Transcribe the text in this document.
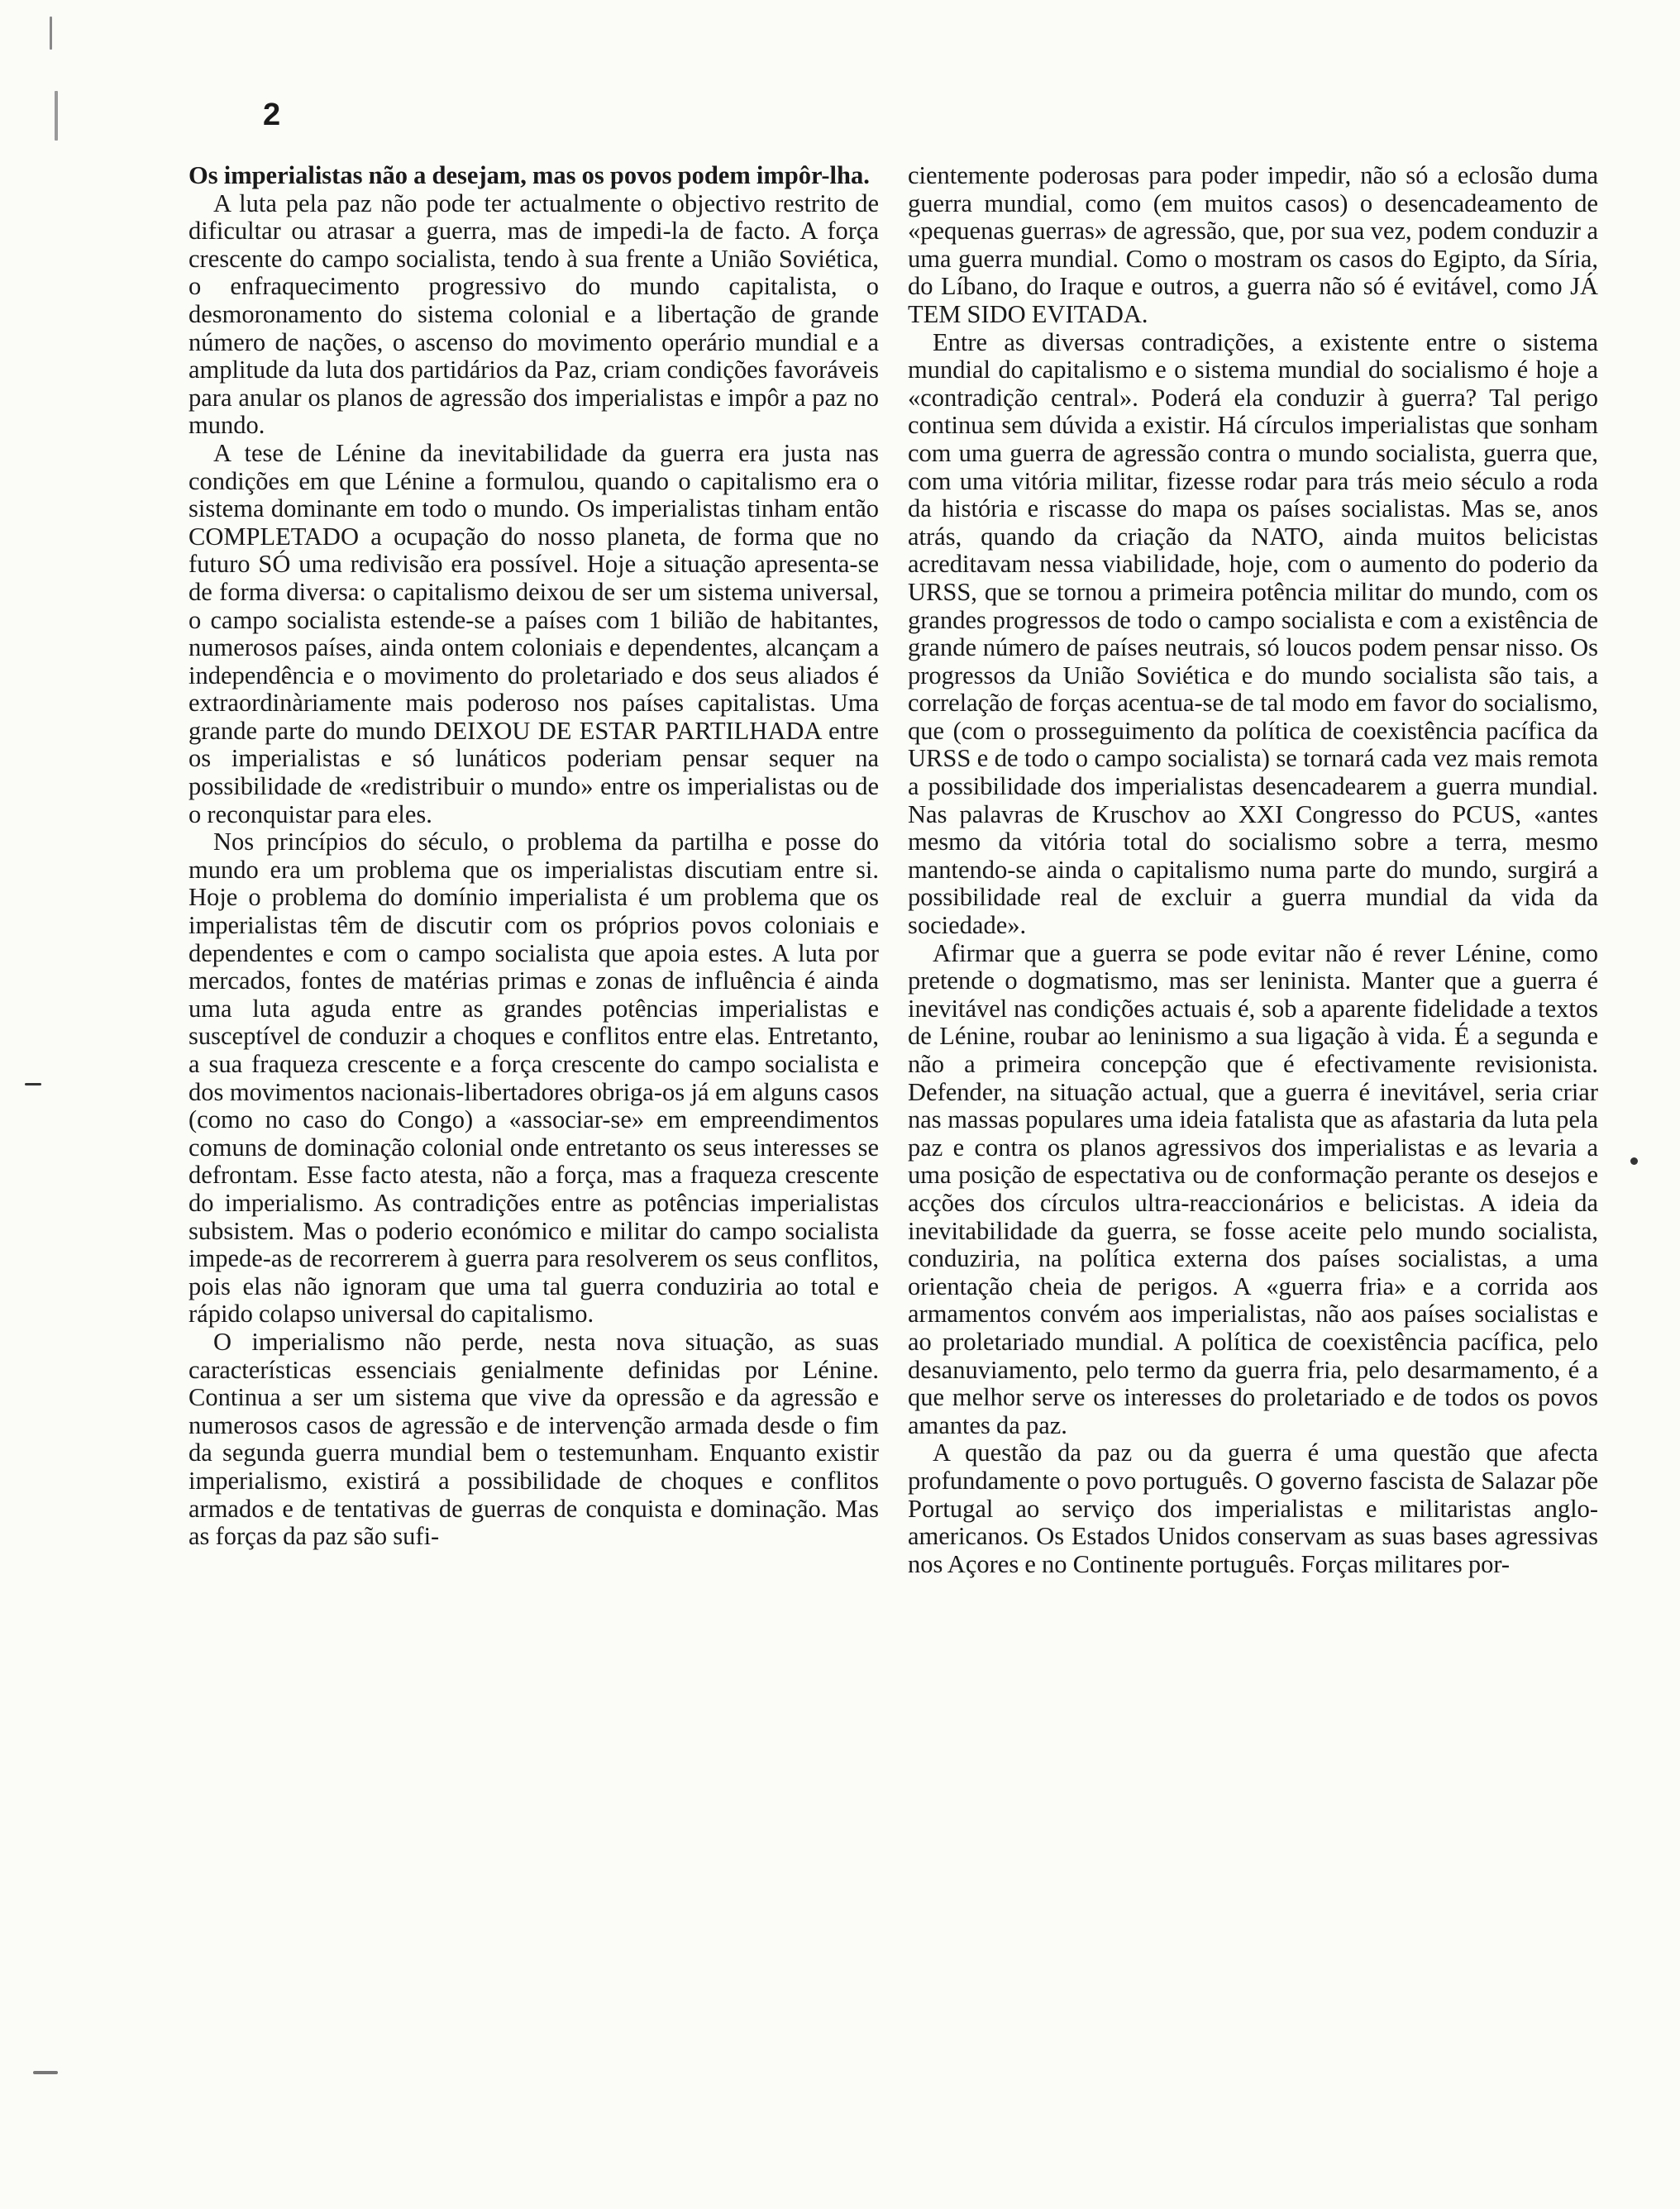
2

Os imperialistas não a desejam, mas os povos podem impôr-lha.

A luta pela paz não pode ter actualmente o objectivo restrito de dificultar ou atrasar a guerra, mas de impedi-la de facto. A força crescente do campo socialista, tendo à sua frente a União Soviética, o enfraquecimento progressivo do mundo capitalista, o desmoronamento do sistema colonial e a libertação de grande número de nações, o ascenso do movimento operário mundial e a amplitude da luta dos partidários da Paz, criam condições favoráveis para anular os planos de agressão dos imperialistas e impôr a paz no mundo.

A tese de Lénine da inevitabilidade da guerra era justa nas condições em que Lénine a formulou, quando o capitalismo era o sistema dominante em todo o mundo. Os imperialistas tinham então COMPLETADO a ocupação do nosso planeta, de forma que no futuro SÓ uma redivisão era possível. Hoje a situação apresenta-se de forma diversa: o capitalismo deixou de ser um sistema universal, o campo socialista estende-se a países com 1 bilião de habitantes, numerosos países, ainda ontem coloniais e dependentes, alcançam a independência e o movimento do proletariado e dos seus aliados é extraordinàriamente mais poderoso nos países capitalistas. Uma grande parte do mundo DEIXOU DE ESTAR PARTILHADA entre os imperialistas e só lunáticos poderiam pensar sequer na possibilidade de «redistribuir o mundo» entre os imperialistas ou de o reconquistar para eles.

Nos princípios do século, o problema da partilha e posse do mundo era um problema que os imperialistas discutiam entre si. Hoje o problema do domínio imperialista é um problema que os imperialistas têm de discutir com os próprios povos coloniais e dependentes e com o campo socialista que apoia estes. A luta por mercados, fontes de matérias primas e zonas de influência é ainda uma luta aguda entre as grandes potências imperialistas e susceptível de conduzir a choques e conflitos entre elas. Entretanto, a sua fraqueza crescente e a força crescente do campo socialista e dos movimentos nacionais-libertadores obriga-os já em alguns casos (como no caso do Congo) a «associar-se» em empreendimentos comuns de dominação colonial onde entretanto os seus interesses se defrontam. Esse facto atesta, não a força, mas a fraqueza crescente do imperialismo. As contradições entre as potências imperialistas subsistem. Mas o poderio económico e militar do campo socialista impede-as de recorrerem à guerra para resolverem os seus conflitos, pois elas não ignoram que uma tal guerra conduziria ao total e rápido colapso universal do capitalismo.

O imperialismo não perde, nesta nova situação, as suas características essenciais genialmente definidas por Lénine. Continua a ser um sistema que vive da opressão e da agressão e numerosos casos de agressão e de intervenção armada desde o fim da segunda guerra mundial bem o testemunham. Enquanto existir imperialismo, existirá a possibilidade de choques e conflitos armados e de tentativas de guerras de conquista e dominação. Mas as forças da paz são sufi-

cientemente poderosas para poder impedir, não só a eclosão duma guerra mundial, como (em muitos casos) o desencadeamento de «pequenas guerras» de agressão, que, por sua vez, podem conduzir a uma guerra mundial. Como o mostram os casos do Egipto, da Síria, do Líbano, do Iraque e outros, a guerra não só é evitável, como JÁ TEM SIDO EVITADA.

Entre as diversas contradições, a existente entre o sistema mundial do capitalismo e o sistema mundial do socialismo é hoje a «contradição central». Poderá ela conduzir à guerra? Tal perigo continua sem dúvida a existir. Há círculos imperialistas que sonham com uma guerra de agressão contra o mundo socialista, guerra que, com uma vitória militar, fizesse rodar para trás meio século a roda da história e riscasse do mapa os países socialistas. Mas se, anos atrás, quando da criação da NATO, ainda muitos belicistas acreditavam nessa viabilidade, hoje, com o aumento do poderio da URSS, que se tornou a primeira potência militar do mundo, com os grandes progressos de todo o campo socialista e com a existência de grande número de países neutrais, só loucos podem pensar nisso. Os progressos da União Soviética e do mundo socialista são tais, a correlação de forças acentua-se de tal modo em favor do socialismo, que (com o prosseguimento da política de coexistência pacífica da URSS e de todo o campo socialista) se tornará cada vez mais remota a possibilidade dos imperialistas desencadearem a guerra mundial. Nas palavras de Kruschov ao XXI Congresso do PCUS, «antes mesmo da vitória total do socialismo sobre a terra, mesmo mantendo-se ainda o capitalismo numa parte do mundo, surgirá a possibilidade real de excluir a guerra mundial da vida da sociedade».

Afirmar que a guerra se pode evitar não é rever Lénine, como pretende o dogmatismo, mas ser leninista. Manter que a guerra é inevitável nas condições actuais é, sob a aparente fidelidade a textos de Lénine, roubar ao leninismo a sua ligação à vida. É a segunda e não a primeira concepção que é efectivamente revisionista. Defender, na situação actual, que a guerra é inevitável, seria criar nas massas populares uma ideia fatalista que as afastaria da luta pela paz e contra os planos agressivos dos imperialistas e as levaria a uma posição de espectativa ou de conformação perante os desejos e acções dos círculos ultra-reaccionários e belicistas. A ideia da inevitabilidade da guerra, se fosse aceite pelo mundo socialista, conduziria, na política externa dos países socialistas, a uma orientação cheia de perigos. A «guerra fria» e a corrida aos armamentos convém aos imperialistas, não aos países socialistas e ao proletariado mundial. A política de coexistência pacífica, pelo desanuviamento, pelo termo da guerra fria, pelo desarmamento, é a que melhor serve os interesses do proletariado e de todos os povos amantes da paz.

A questão da paz ou da guerra é uma questão que afecta profundamente o povo português. O governo fascista de Salazar põe Portugal ao serviço dos imperialistas e militaristas anglo-americanos. Os Estados Unidos conservam as suas bases agressivas nos Açores e no Continente português. Forças militares por-
